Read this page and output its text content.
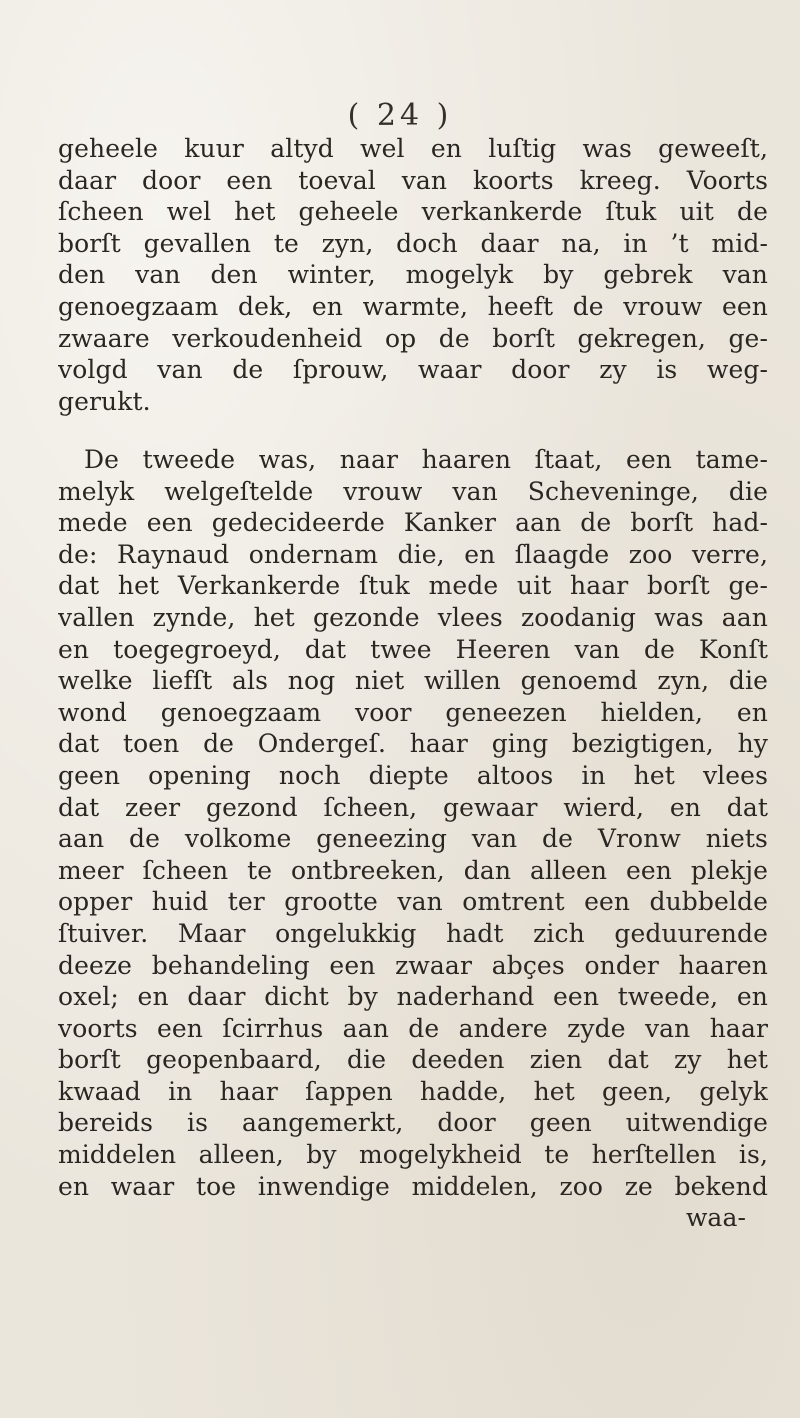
( 24 )
geheele kuur altyd wel en luſtig was geweeſt,
daar door een toeval van koorts kreeg. Voorts
ſcheen wel het geheele verkankerde ſtuk uit de
borſt gevallen te zyn, doch daar na, in ’t mid-
den van den winter, mogelyk by gebrek van
genoegzaam dek, en warmte, heeft de vrouw een
zwaare verkoudenheid op de borſt gekregen, ge-
volgd van de ſprouw, waar door zy is weg-
gerukt.
De tweede was, naar haaren ſtaat, een tame-
melyk welgeſtelde vrouw van Scheveninge, die
mede een gedecideerde Kanker aan de borſt had-
de: Raynaud ondernam die, en ſlaagde zoo verre,
dat het Verkankerde ſtuk mede uit haar borſt ge-
vallen zynde, het gezonde vlees zoodanig was aan
en toegegroeyd, dat twee Heeren van de Konſt
welke liefſt als nog niet willen genoemd zyn, die
wond genoegzaam voor geneezen hielden, en
dat toen de Ondergeſ. haar ging bezigtigen, hy
geen opening noch diepte altoos in het vlees
dat zeer gezond ſcheen, gewaar wierd, en dat
aan de volkome geneezing van de Vronw niets
meer ſcheen te ontbreeken, dan alleen een plekje
opper huid ter grootte van omtrent een dubbelde
ſtuiver. Maar ongelukkig hadt zich geduurende
deeze behandeling een zwaar abçes onder haaren
oxel; en daar dicht by naderhand een tweede, en
voorts een ſcirrhus aan de andere zyde van haar
borſt geopenbaard, die deeden zien dat zy het
kwaad in haar ſappen hadde, het geen, gelyk
bereids is aangemerkt, door geen uitwendige
middelen alleen, by mogelykheid te herſtellen is,
en waar toe inwendige middelen, zoo ze bekend
waa-
